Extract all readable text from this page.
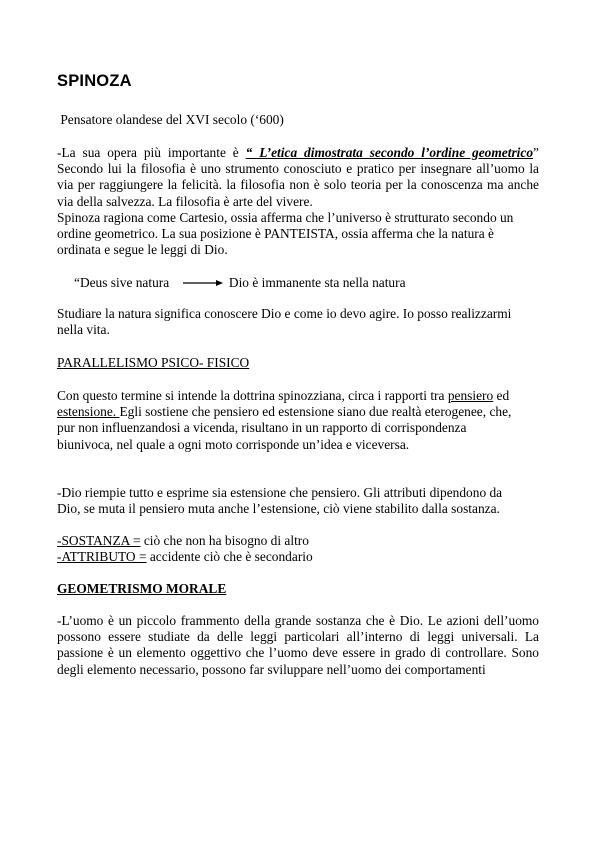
SPINOZA
Pensatore olandese del XVI secolo (‘600)
-La sua opera più importante è “ L’etica dimostrata secondo l’ordine geometrico” Secondo lui la filosofia è uno strumento conosciuto e pratico per insegnare all’uomo la via per raggiungere la felicità. la filosofia non è solo teoria per la conoscenza ma anche via della salvezza. La filosofia è arte del vivere.
Spinoza ragiona come Cartesio, ossia afferma che l’universo è strutturato secondo un
ordine geometrico. La sua posizione è PANTEISTA, ossia afferma che la natura è
ordinata e segue le leggi di Dio.
“Deus sive natura	Dio è immanente sta nella natura
Studiare la natura significa conoscere Dio e come io devo agire. Io posso realizzarmi
nella vita.
PARALLELISMO PSICO- FISICO
Con questo termine si intende la dottrina spinozziana, circa i rapporti tra pensiero ed
estensione. Egli sostiene che pensiero ed estensione siano due realtà eterogenee, che,
pur non influenzandosi a vicenda, risultano in un rapporto di corrispondenza
biunivoca, nel quale a ogni moto corrisponde un’idea e viceversa.
-Dio riempie tutto e esprime sia estensione che pensiero. Gli attributi dipendono da
Dio, se muta il pensiero muta anche l’estensione, ciò viene stabilito dalla sostanza.
-SOSTANZA = ciò che non ha bisogno di altro
-ATTRIBUTO = accidente ciò che è secondario
GEOMETRISMO MORALE
-L’uomo è un piccolo frammento della grande sostanza che è Dio. Le azioni dell’uomo possono essere studiate da delle leggi particolari all’interno di leggi universali. La passione è un elemento oggettivo che l’uomo deve essere in grado di controllare. Sono degli elemento necessario, possono far sviluppare nell’uomo dei comportamenti
